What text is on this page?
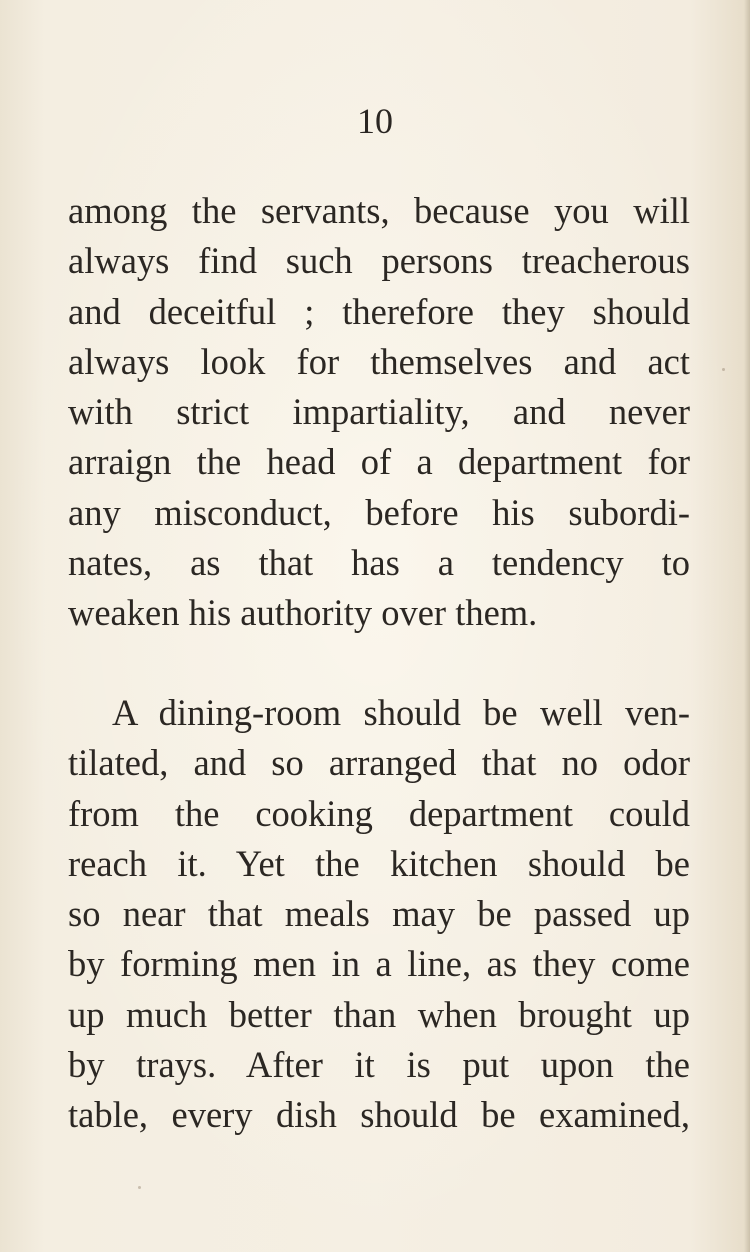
10

among the servants, because you will
always find such persons treacherous
and deceitful ; therefore they should
always look for themselves and act
with strict impartiality, and never
arraign the head of a department for
any misconduct, before his subordi-
nates, as that has a tendency to
weaken his authority over them.
A dining-room should be well ven-
tilated, and so arranged that no odor
from the cooking department could
reach it. Yet the kitchen should be
so near that meals may be passed up
by forming men in a line, as they come
up much better than when brought up
by trays. After it is put upon the
table, every dish should be examined,
